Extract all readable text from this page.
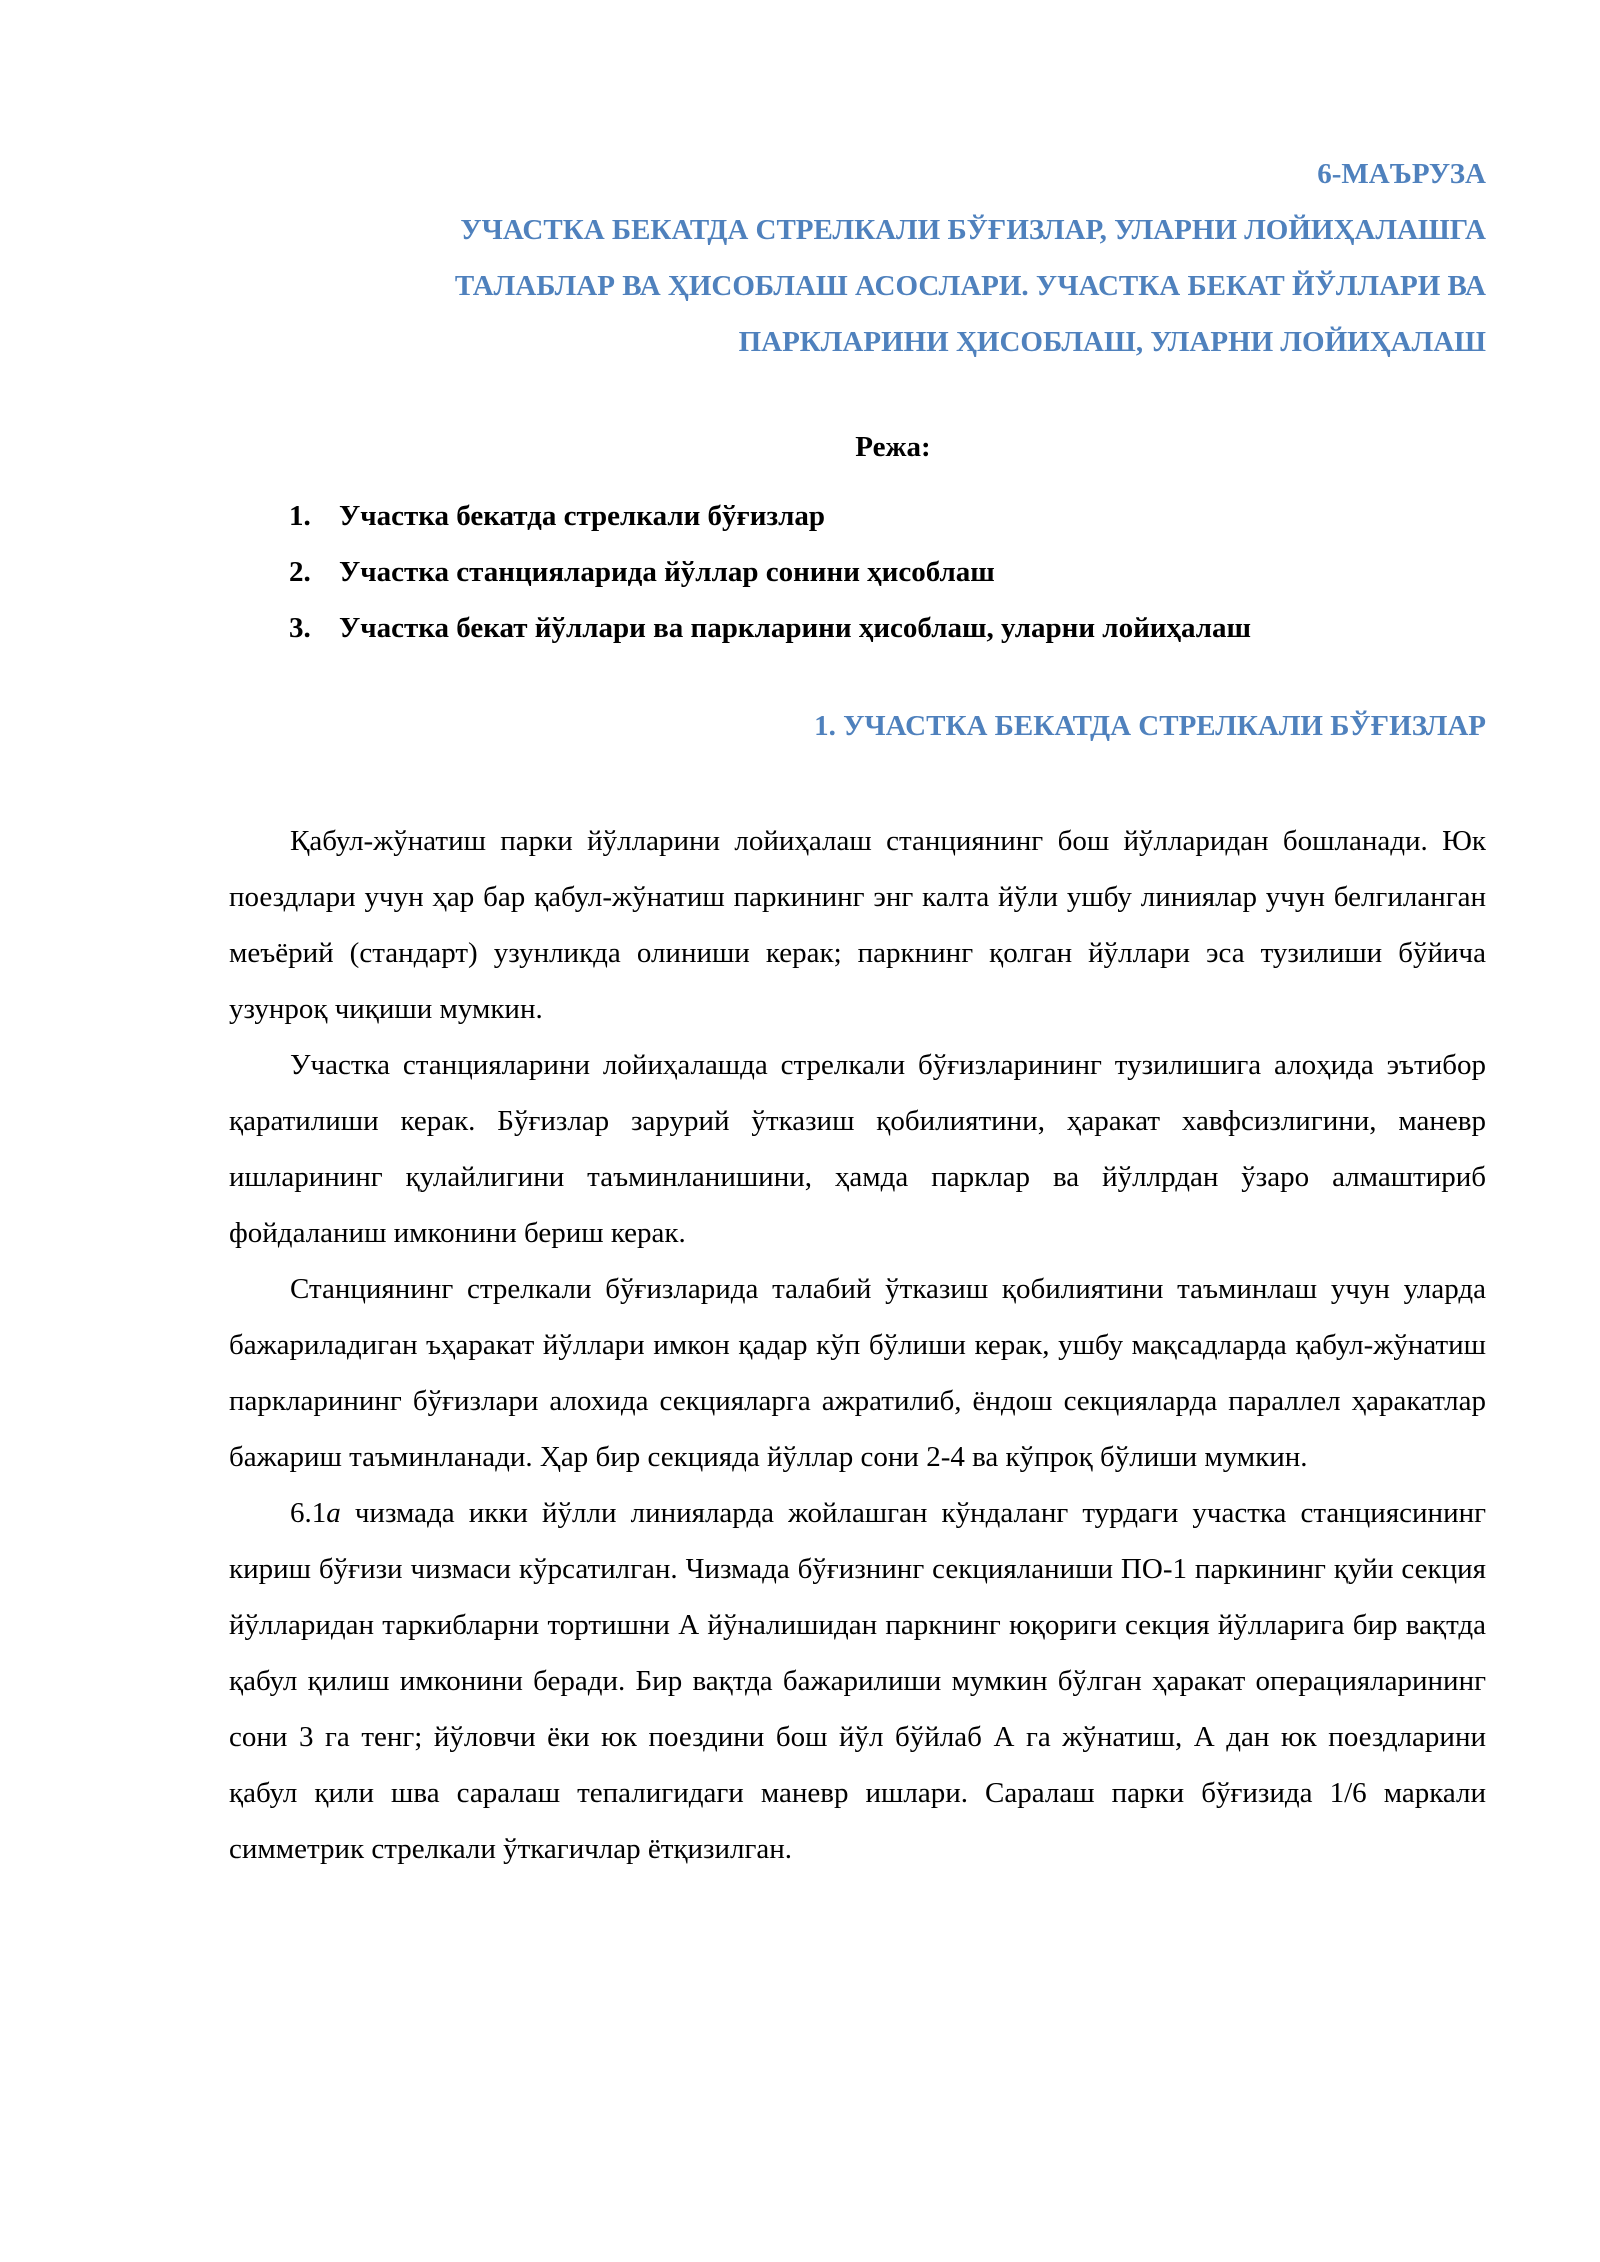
6-МАЪРУЗА
УЧАСТКА БЕКАТДА СТРЕЛКАЛИ БЎҒИЗЛАР, УЛАРНИ ЛОЙИҲАЛАШГА
ТАЛАБЛАР ВА ҲИСОБЛАШ АСОСЛАРИ. УЧАСТКА БЕКАТ ЙЎЛЛАРИ ВА
ПАРКЛАРИНИ ҲИСОБЛАШ, УЛАРНИ ЛОЙИҲАЛАШ
Режа:
1. Участка бекатда стрелкали бўғизлар
2. Участка станцияларида йўллар сонини ҳисоблаш
3. Участка бекат йўллари ва паркларини ҳисоблаш, уларни лойиҳалаш
1. УЧАСТКА БЕКАТДА СТРЕЛКАЛИ БЎҒИЗЛАР

Қабул-жўнатиш парки йўлларини лойиҳалаш станциянинг бош йўлларидан бошланади. Юк поездлари учун ҳар бар қабул-жўнатиш паркининг энг калта йўли ушбу линиялар учун белгиланган меъёрий (стандарт) узунликда олиниши керак; паркнинг қолган йўллари эса тузилиши бўйича узунроқ чиқиши мумкин.

Участка станцияларини лойиҳалашда стрелкали бўғизларининг тузилишига алоҳида эътибор қаратилиши керак. Бўғизлар зарурий ўтказиш қобилиятини, ҳаракат хавфсизлигини, маневр ишларининг қулайлигини таъминланишини, ҳамда парклар ва йўллрдан ўзаро алмаштириб фойдаланиш имконини бериш керак.

Станциянинг стрелкали бўғизларида талабий ўтказиш қобилиятини таъминлаш учун уларда бажариладиган ъҳаракат йўллари имкон қадар кўп бўлиши керак, ушбу мақсадларда қабул-жўнатиш паркларининг бўғизлари алохида секцияларга ажратилиб, ёндош секцияларда параллел ҳаракатлар бажариш таъминланади. Ҳар бир секцияда йўллар сони 2-4 ва кўпроқ бўлиши мумкин.

6.1а чизмада икки йўлли линияларда жойлашган кўндаланг турдаги участка станциясининг кириш бўғизи чизмаси кўрсатилган. Чизмада бўғизнинг секцияланиши ПО-1 паркининг қуйи секция йўлларидан таркибларни тортишни А йўналишидан паркнинг юқориги секция йўлларига бир вақтда қабул қилиш имконини беради. Бир вақтда бажарилиши мумкин бўлган ҳаракат операцияларининг сони 3 га тенг; йўловчи ёки юк поездини бош йўл бўйлаб А га жўнатиш, А дан юк поездларини қабул қили шва саралаш тепалигидаги маневр ишлари. Саралаш парки бўғизида 1/6 маркали симметрик стрелкали ўткагичлар ётқизилган.
